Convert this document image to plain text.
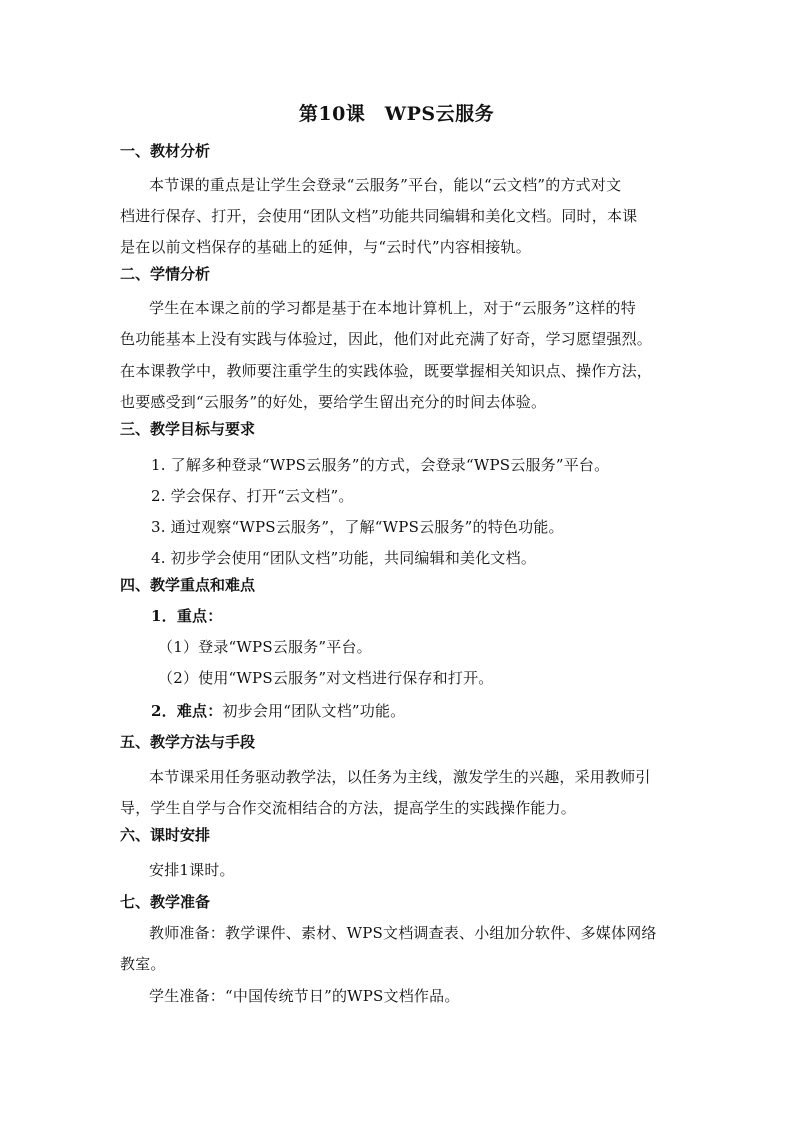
第10课　WPS云服务
一、教材分析
本节课的重点是让学生会登录“云服务”平台，能以“云文档”的方式对文
档进行保存、打开，会使用“团队文档”功能共同编辑和美化文档。同时，本课
是在以前文档保存的基础上的延伸，与“云时代”内容相接轨。
二、学情分析
学生在本课之前的学习都是基于在本地计算机上，对于“云服务”这样的特
色功能基本上没有实践与体验过，因此，他们对此充满了好奇，学习愿望强烈。
在本课教学中，教师要注重学生的实践体验，既要掌握相关知识点、操作方法，
也要感受到“云服务”的好处，要给学生留出充分的时间去体验。
三、教学目标与要求
1. 了解多种登录“WPS云服务”的方式，会登录“WPS云服务”平台。
2. 学会保存、打开“云文档”。
3. 通过观察“WPS云服务”，了解“WPS云服务”的特色功能。
4. 初步学会使用“团队文档”功能，共同编辑和美化文档。
四、教学重点和难点
1．重点：
（1）登录“WPS云服务”平台。
（2）使用“WPS云服务”对文档进行保存和打开。
2．难点：初步会用“团队文档”功能。
五、教学方法与手段
本节课采用任务驱动教学法，以任务为主线，激发学生的兴趣，采用教师引
导，学生自学与合作交流相结合的方法，提高学生的实践操作能力。
六、课时安排
安排1课时。
七、教学准备
教师准备：教学课件、素材、WPS文档调查表、小组加分软件、多媒体网络
教室。
学生准备：“中国传统节日”的WPS文档作品。
